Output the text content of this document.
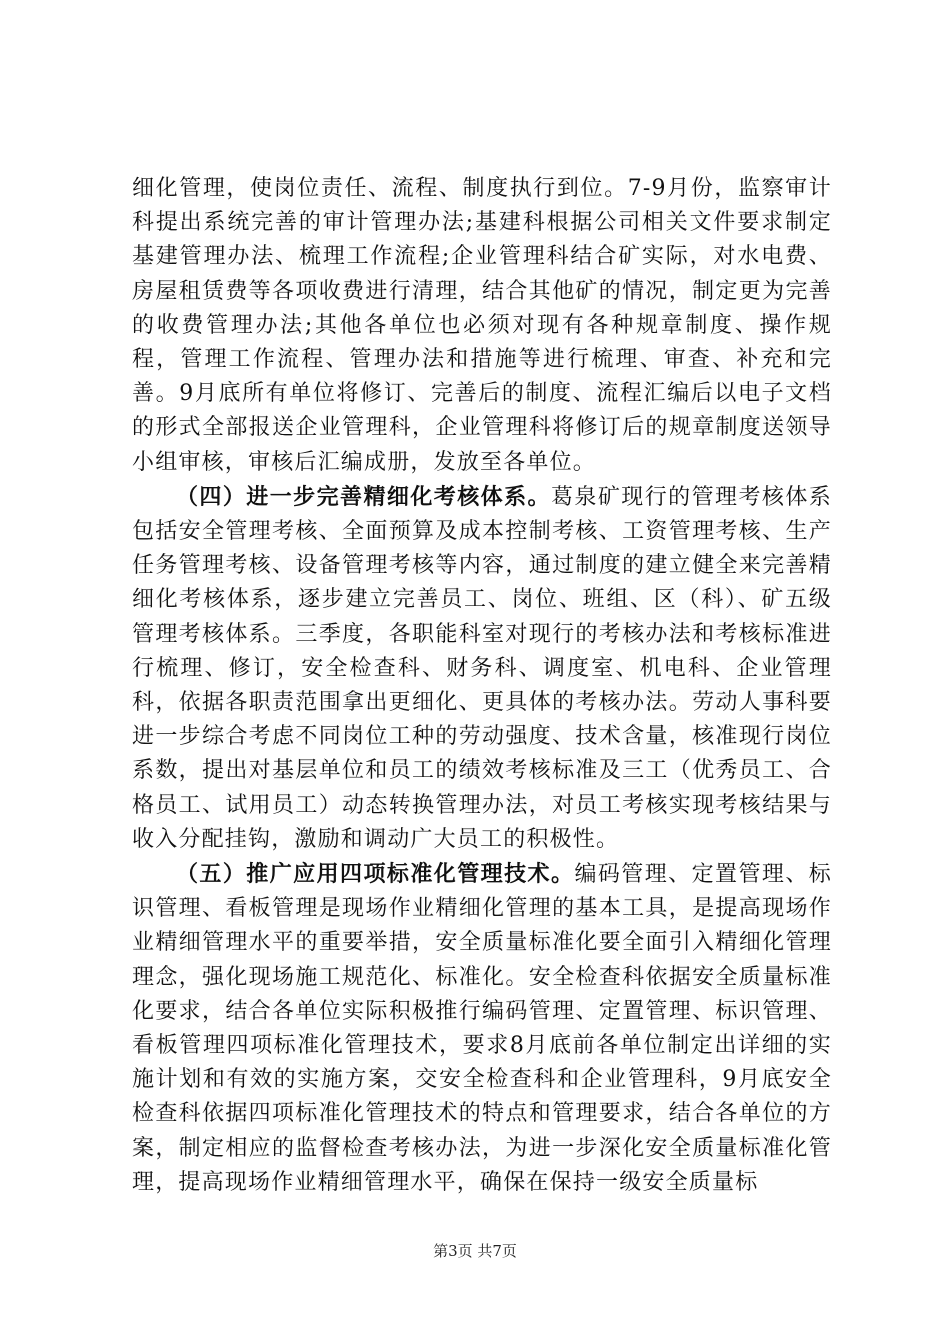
细化管理，使岗位责任、流程、制度执行到位。7-9月份，监察审计科提出系统完善的审计管理办法;基建科根据公司相关文件要求制定基建管理办法、梳理工作流程;企业管理科结合矿实际，对水电费、房屋租赁费等各项收费进行清理，结合其他矿的情况，制定更为完善的收费管理办法;其他各单位也必须对现有各种规章制度、操作规程，管理工作流程、管理办法和措施等进行梳理、审查、补充和完善。9月底所有单位将修订、完善后的制度、流程汇编后以电子文档的形式全部报送企业管理科，企业管理科将修订后的规章制度送领导小组审核，审核后汇编成册，发放至各单位。

（四）进一步完善精细化考核体系。葛泉矿现行的管理考核体系包括安全管理考核、全面预算及成本控制考核、工资管理考核、生产任务管理考核、设备管理考核等内容，通过制度的建立健全来完善精细化考核体系，逐步建立完善员工、岗位、班组、区（科）、矿五级管理考核体系。三季度，各职能科室对现行的考核办法和考核标准进行梳理、修订，安全检查科、财务科、调度室、机电科、企业管理科，依据各职责范围拿出更细化、更具体的考核办法。劳动人事科要进一步综合考虑不同岗位工种的劳动强度、技术含量，核准现行岗位系数，提出对基层单位和员工的绩效考核标准及三工（优秀员工、合格员工、试用员工）动态转换管理办法，对员工考核实现考核结果与收入分配挂钩，激励和调动广大员工的积极性。

（五）推广应用四项标准化管理技术。编码管理、定置管理、标识管理、看板管理是现场作业精细化管理的基本工具，是提高现场作业精细管理水平的重要举措，安全质量标准化要全面引入精细化管理理念，强化现场施工规范化、标准化。安全检查科依据安全质量标准化要求，结合各单位实际积极推行编码管理、定置管理、标识管理、看板管理四项标准化管理技术，要求8月底前各单位制定出详细的实施计划和有效的实施方案，交安全检查科和企业管理科，9月底安全检查科依据四项标准化管理技术的特点和管理要求，结合各单位的方案，制定相应的监督检查考核办法，为进一步深化安全质量标准化管理，提高现场作业精细管理水平，确保在保持一级安全质量标

第3页 共7页
